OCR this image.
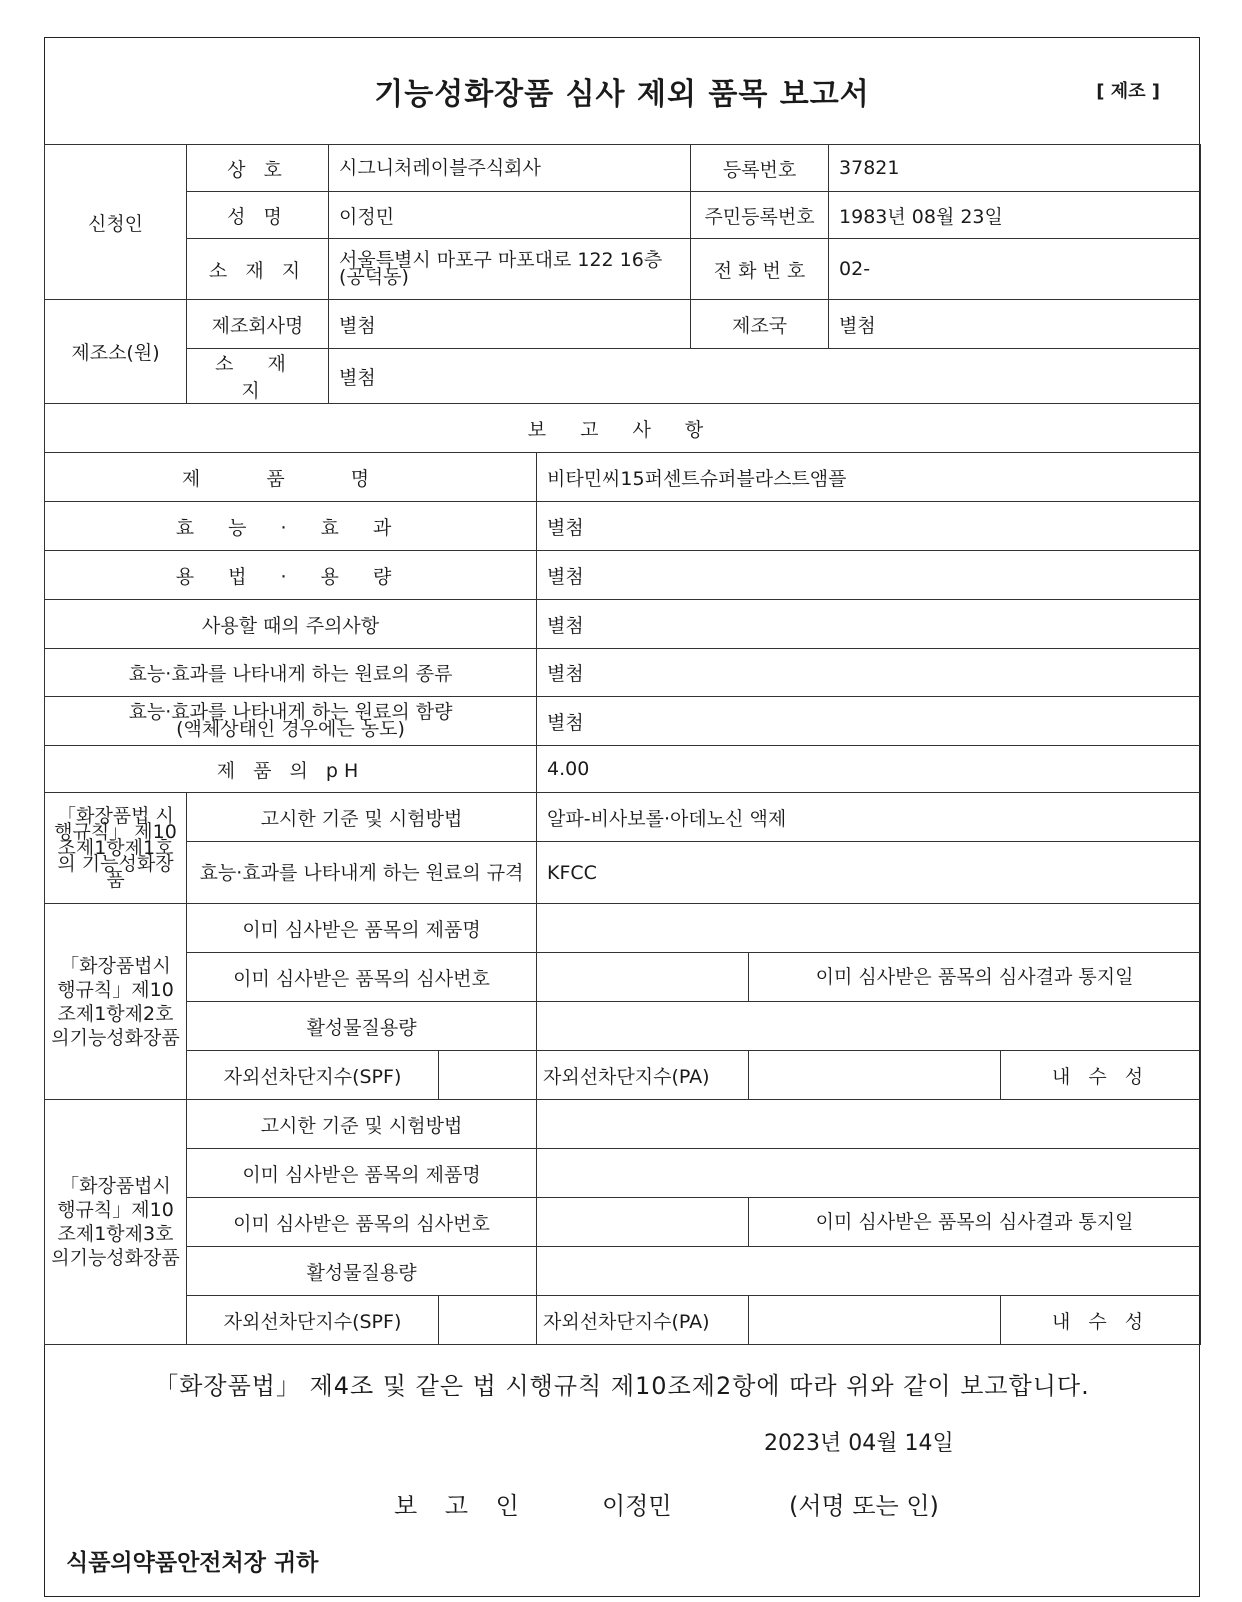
기능성화장품 심사 제외 품목 보고서	[ 제조 ]
신청인	상 호	시그니처레이블주식회사			등록번호		37821		
	성 명	이정민			주민등록번호		1983년 08월 23일		
	소 재 지	서울특별시 마포구 마포대로 122 16층(공덕동)			전 화 번 호		02-		
제조소(원)	제조회사명	별첨			제조국		별첨		
	소 재 지	별첨							
보 고 사 항									
제 품 명				비타민씨15퍼센트슈퍼블라스트앰플					
효 능 · 효 과				별첨					
용 법 · 용 량				별첨					
사용할 때의 주의사항				별첨					
효능·효과를 나타내게 하는 원료의 종류				별첨					

효능·효과를 나타내게 하는 원료의 함량
(액체상태인 경우에는 농도)				별첨					
제 품 의 pH				4.00					
「화장품법 시행규칙」 제10조제1항제1호 의 기능성화장품	고시한 기준 및 시험방법			알파-비사보롤·아데노신 액제					
	효능·효과를 나타내게 하는 원료의 규격			KFCC					
「화장품법시행규칙」제10조제1항제2호의기능성화장품	이미 심사받은 품목의 제품명								
	이미 심사받은 품목의 심사번호					이미 심사받은 품목의 심사결과 통지일			
	활성물질용량								
	자외선차단지수(SPF)			자외선차단지수(PA)				내 수 성	
「화장품법시행규칙」제10조제1항제3호의기능성화장품	고시한 기준 및 시험방법								
	이미 심사받은 품목의 제품명								
	이미 심사받은 품목의 심사번호					이미 심사받은 품목의 심사결과 통지일			
	활성물질용량								
	자외선차단지수(SPF)			자외선차단지수(PA)				내 수 성	
「화장품법」 제4조 및 같은 법 시행규칙 제10조제2항에 따라 위와 같이 보고합니다.
2023년 04월 14일
보 고 인	이정민	(서명 또는 인)
식품의약품안전처장 귀하
